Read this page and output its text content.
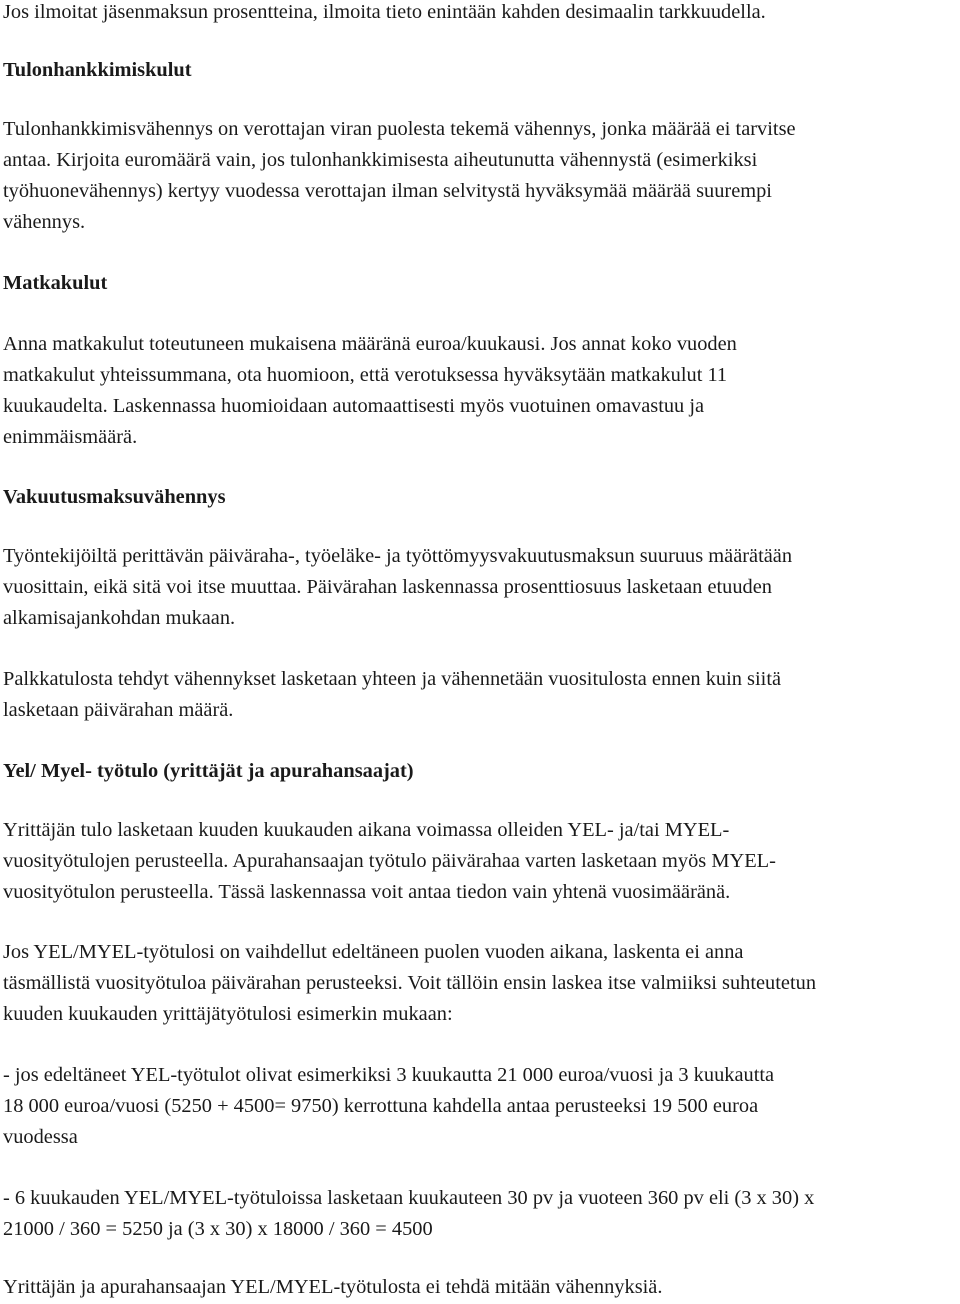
Jos ilmoitat jäsenmaksun prosentteina, ilmoita tieto enintään kahden desimaalin tarkkuudella.

Tulonhankkimiskulut

Tulonhankkimisvähennys on verottajan viran puolesta tekemä vähennys, jonka määrää ei tarvitse
antaa. Kirjoita euromäärä vain, jos tulonhankkimisesta aiheutunutta vähennystä (esimerkiksi
työhuonevähennys) kertyy vuodessa verottajan ilman selvitystä hyväksymää määrää suurempi
vähennys.

Matkakulut

Anna matkakulut toteutuneen mukaisena määränä euroa/kuukausi. Jos annat koko vuoden
matkakulut yhteissummana, ota huomioon, että verotuksessa hyväksytään matkakulut 11
kuukaudelta. Laskennassa huomioidaan automaattisesti myös vuotuinen omavastuu ja
enimmäismäärä.

Vakuutusmaksuvähennys

Työntekijöiltä perittävän päiväraha-, työeläke- ja työttömyysvakuutusmaksun suuruus määrätään
vuosittain, eikä sitä voi itse muuttaa. Päivärahan laskennassa prosenttiosuus lasketaan etuuden
alkamisajankohdan mukaan.

Palkkatulosta tehdyt vähennykset lasketaan yhteen ja vähennetään vuositulosta ennen kuin siitä
lasketaan päivärahan määrä.

Yel/ Myel- työtulo (yrittäjät ja apurahansaajat)

Yrittäjän tulo lasketaan kuuden kuukauden aikana voimassa olleiden YEL- ja/tai MYEL-
vuosityötulojen perusteella. Apurahansaajan työtulo päivärahaa varten lasketaan myös MYEL-
vuosityötulon perusteella. Tässä laskennassa voit antaa tiedon vain yhtenä vuosimääränä.

Jos YEL/MYEL-työtulosi on vaihdellut edeltäneen puolen vuoden aikana, laskenta ei anna
täsmällistä vuosityötuloa päivärahan perusteeksi. Voit tällöin ensin laskea itse valmiiksi suhteutetun
kuuden kuukauden yrittäjätyötulosi esimerkin mukaan:

- jos edeltäneet YEL-työtulot olivat esimerkiksi 3 kuukautta 21 000 euroa/vuosi ja 3 kuukautta
18 000 euroa/vuosi (5250 + 4500= 9750) kerrottuna kahdella antaa perusteeksi 19 500 euroa
vuodessa

- 6 kuukauden YEL/MYEL-työtuloissa lasketaan kuukauteen 30 pv ja vuoteen 360 pv eli (3 x 30) x
21000 / 360 = 5250 ja (3 x 30) x 18000 / 360 = 4500

Yrittäjän ja apurahansaajan YEL/MYEL-työtulosta ei tehdä mitään vähennyksiä.
